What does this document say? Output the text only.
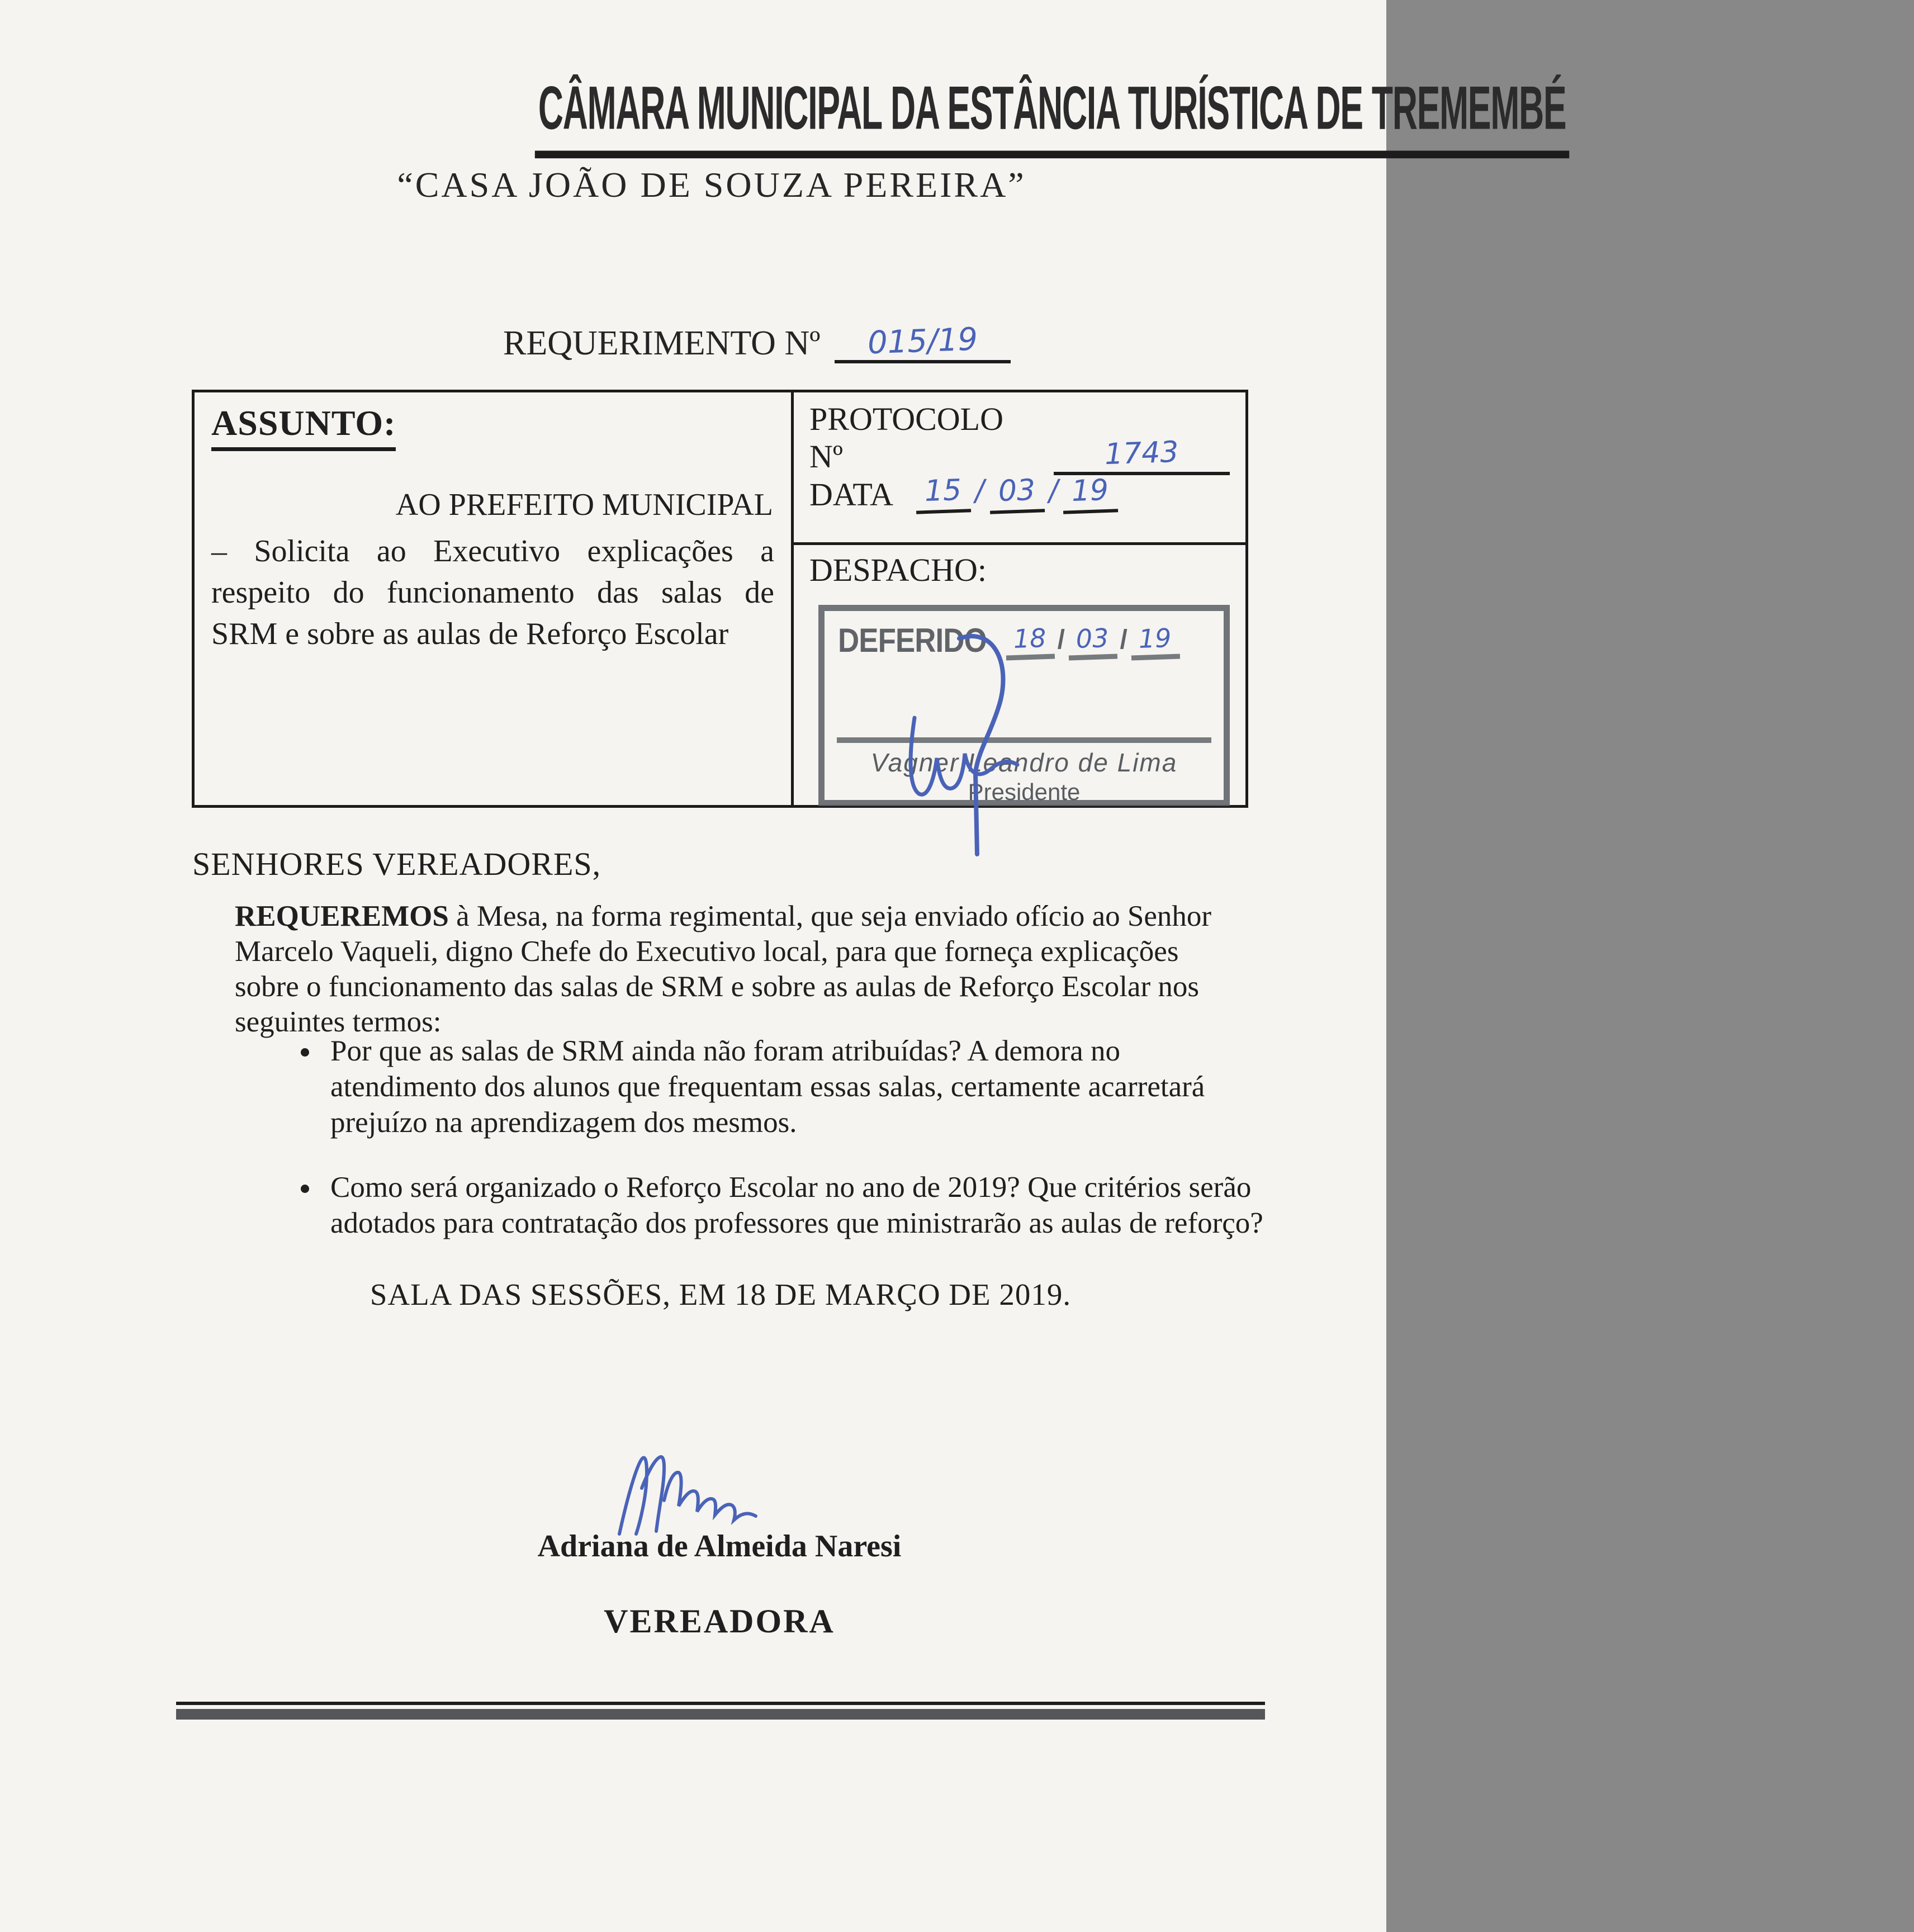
CÂMARA MUNICIPAL DA ESTÂNCIA TURÍSTICA DE TREMEMBÉ
“CASA JOÃO DE SOUZA PEREIRA”
REQUERIMENTO Nº	015/19
ASSUNTO:
AO PREFEITO MUNICIPAL
– Solicita ao Executivo explicações a respeito do funcionamento das salas de SRM e sobre as aulas de Reforço Escolar
PROTOCOLO Nº	1743
DATA	15 / 03 / 19
DESPACHO:
DEFERIDO	18 / 03 / 19
Vagner Leandro de Lima
Presidente
SENHORES VEREADORES,
REQUEREMOS à Mesa, na forma regimental, que seja enviado ofício ao Senhor Marcelo Vaqueli, digno Chefe do Executivo local, para que forneça explicações sobre o funcionamento das salas de SRM e sobre as aulas de Reforço Escolar nos seguintes termos:
• Por que as salas de SRM ainda não foram atribuídas? A demora no atendimento dos alunos que frequentam essas salas, certamente acarretará prejuízo na aprendizagem dos mesmos.
• Como será organizado o Reforço Escolar no ano de 2019? Que critérios serão adotados para contratação dos professores que ministrarão as aulas de reforço?
SALA DAS SESSÕES, EM 18 DE MARÇO DE 2019.
Adriana de Almeida Naresi
VEREADORA
